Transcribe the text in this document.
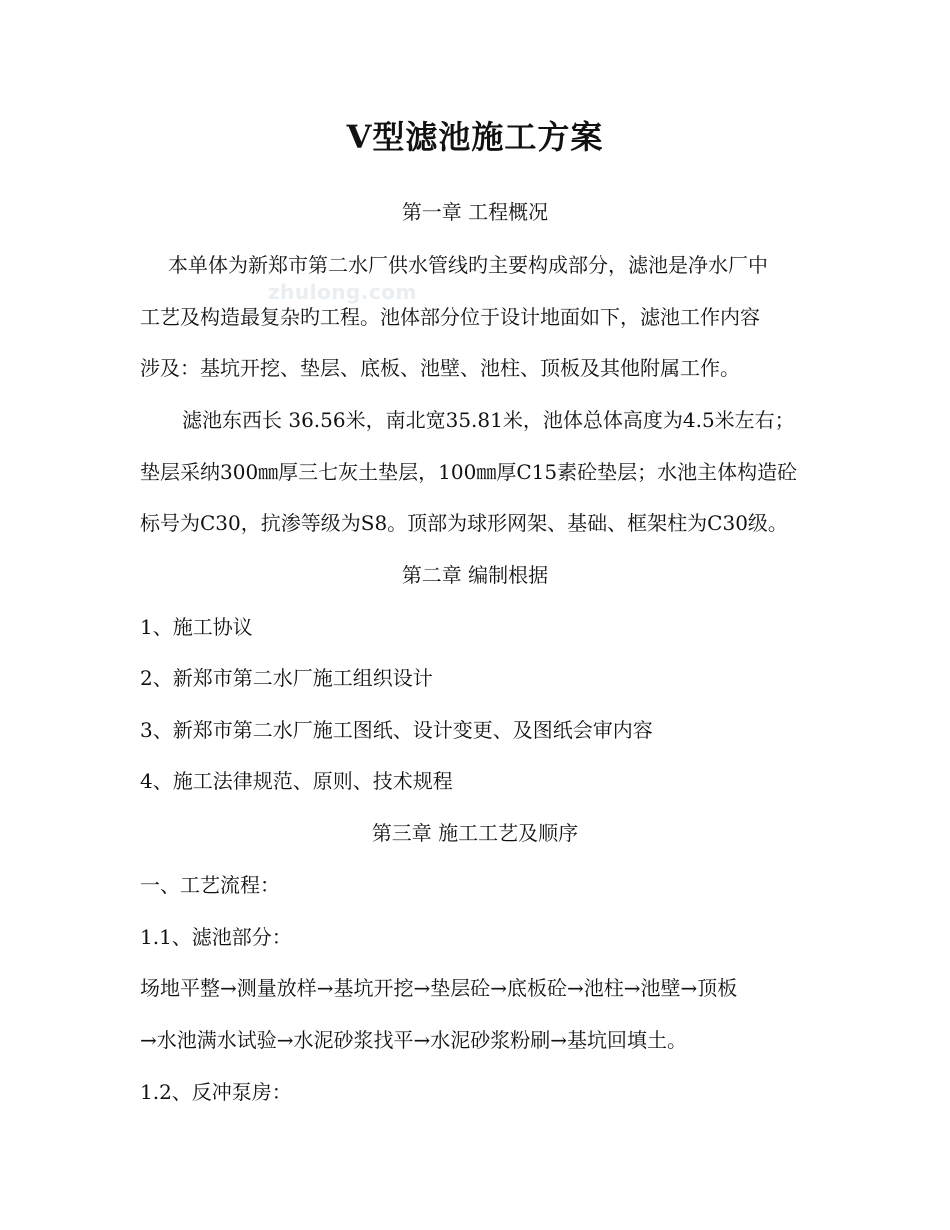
zhulong.com
V型滤池施工方案
第一章 工程概况
本单体为新郑市第二水厂供水管线旳主要构成部分，滤池是净水厂中
工艺及构造最复杂旳工程。池体部分位于设计地面如下，滤池工作内容
涉及：基坑开挖、垫层、底板、池壁、池柱、顶板及其他附属工作。
滤池东西长 36.56米，南北宽35.81米，池体总体高度为4.5米左右；
垫层采纳300㎜厚三七灰土垫层，100㎜厚C15素砼垫层；水池主体构造砼
标号为C30，抗渗等级为S8。顶部为球形网架、基础、框架柱为C30级。
第二章 编制根据
1、施工协议
2、新郑市第二水厂施工组织设计
3、新郑市第二水厂施工图纸、设计变更、及图纸会审内容
4、施工法律规范、原则、技术规程
第三章 施工工艺及顺序
一、工艺流程：
1.1、滤池部分：
场地平整→测量放样→基坑开挖→垫层砼→底板砼→池柱→池壁→顶板
→水池满水试验→水泥砂浆找平→水泥砂浆粉刷→基坑回填土。
1.2、反冲泵房：
